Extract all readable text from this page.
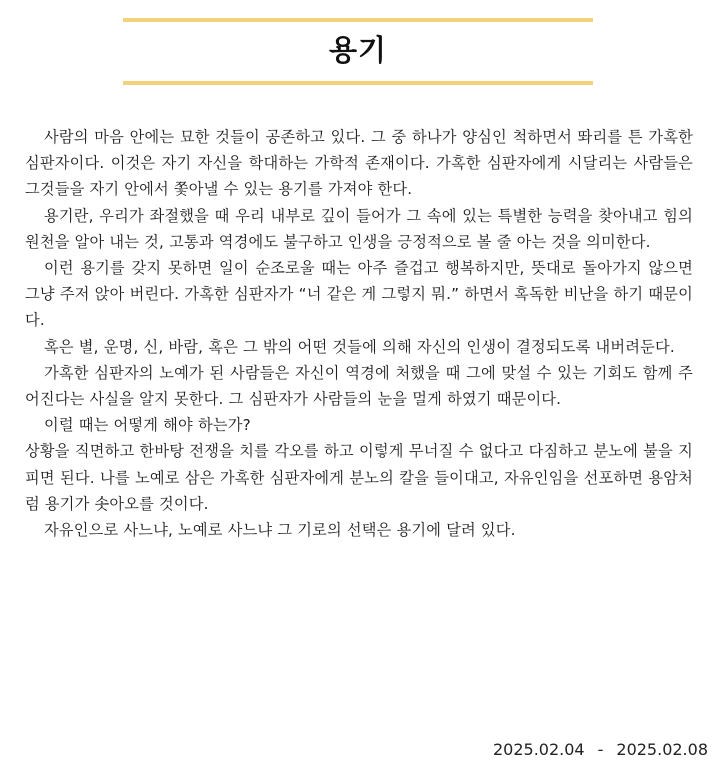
용기

사람의 마음 안에는 묘한 것들이 공존하고 있다. 그 중 하나가 양심인 척하면서 똬리를 튼 가혹한 심판자이다. 이것은 자기 자신을 학대하는 가학적 존재이다. 가혹한 심판자에게 시달리는 사람들은 그것들을 자기 안에서 쫓아낼 수 있는 용기를 가져야 한다.

용기란, 우리가 좌절했을 때 우리 내부로 깊이 들어가 그 속에 있는 특별한 능력을 찾아내고 힘의 원천을 알아 내는 것, 고통과 역경에도 불구하고 인생을 긍정적으로 볼 줄 아는 것을 의미한다.

이런 용기를 갖지 못하면 일이 순조로울 때는 아주 즐겁고 행복하지만, 뜻대로 돌아가지 않으면 그냥 주저 앉아 버린다. 가혹한 심판자가 “너 같은 게 그렇지 뭐.” 하면서 혹독한 비난을 하기 때문이다.

혹은 별, 운명, 신, 바람, 혹은 그 밖의 어떤 것들에 의해 자신의 인생이 결정되도록 내버려둔다.

가혹한 심판자의 노예가 된 사람들은 자신이 역경에 처했을 때 그에 맞설 수 있는 기회도 함께 주어진다는 사실을 알지 못한다. 그 심판자가 사람들의 눈을 멀게 하였기 때문이다.

이럴 때는 어떻게 해야 하는가?

상황을 직면하고 한바탕 전쟁을 치를 각오를 하고 이렇게 무너질 수 없다고 다짐하고 분노에 불을 지피면 된다. 나를 노예로 삼은 가혹한 심판자에게 분노의 칼을 들이대고, 자유인임을 선포하면 용암처럼 용기가 솟아오를 것이다.

자유인으로 사느냐, 노예로 사느냐 그 기로의 선택은 용기에 달려 있다.

2025.02.04 - 2025.02.08
